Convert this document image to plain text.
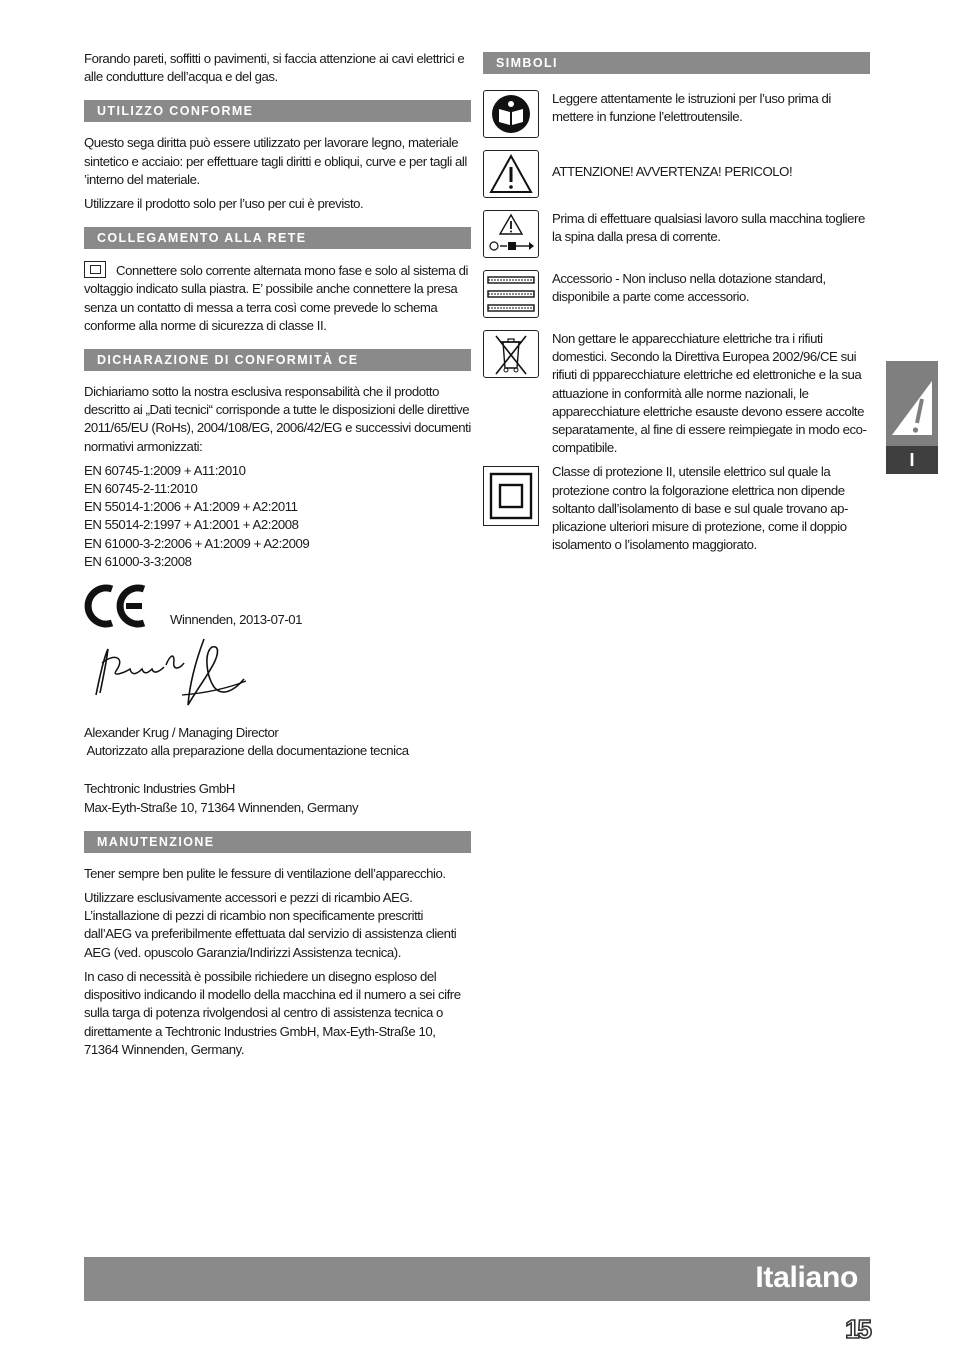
Forando pareti, soffitti o pavimenti, si faccia attenzione ai cavi elettrici e alle condutture dell’acqua e del gas.

UTILIZZO CONFORME

Questo sega diritta può essere utilizzato per lavorare legno, materiale sintetico e acciaio: per effettuare tagli diritti e obliqui, curve e per tagli all ’interno del materiale.

Utilizzare il prodotto solo per l’uso per cui è previsto.

COLLEGAMENTO ALLA RETE

Connettere solo corrente alternata mono fase e solo al sistema di voltaggio indicato sulla piastra. E’ possibile anche connettere la presa senza un contatto di messa a terra così come prevede lo schema conforme alla norme di sicurezza di classe II.

DICHARAZIONE DI CONFORMITÀ CE

Dichiariamo sotto la nostra esclusiva responsabilità che il prodotto descritto ai „Dati tecnici“ corrisponde a tutte le disposizioni delle direttive 2011/65/EU (RoHs), 2004/108/EG, 2006/42/EG e successivi documenti normativi armonizzati:

EN 60745-1:2009 + A11:2010

EN 60745-2-11:2010

EN 55014-1:2006 + A1:2009 + A2:2011

EN 55014-2:1997 + A1:2001 + A2:2008

EN 61000-3-2:2006 + A1:2009 + A2:2009

EN 61000-3-3:2008

Winnenden, 2013-07-01

Alexander Krug / Managing Director

Autorizzato alla preparazione della documentazione tecnica

Techtronic Industries GmbH

Max-Eyth-Straße 10, 71364 Winnenden, Germany

MANUTENZIONE

Tener sempre ben pulite le fessure di ventilazione dell’apparecchio.

Utilizzare esclusivamente accessori e pezzi di ricambio AEG. L’installazione di pezzi di ricambio non specificamente prescritti dall’AEG va preferibilmente effettuata dal servizio di assistenza clienti AEG (ved. opuscolo Garanzia/Indirizzi Assistenza tecnica).

In caso di necessità è possibile richiedere un disegno esploso del dispositivo indicando il modello della macchina ed il numero a sei cifre sulla targa di potenza rivolgendosi al centro di assistenza tecnica o direttamente a Techtronic Industries GmbH, Max-Eyth-Straße 10, 71364 Winnenden, Germany.

SIMBOLI

Leggere attentamente le istruzioni per l’uso prima di mettere in funzione l’elettroutensile.

ATTENZIONE! AVVERTENZA! PERICOLO!

Prima di effettuare qualsiasi lavoro sulla macchina togliere la spina dalla presa di corrente.

Accessorio - Non incluso nella dotazione standard, disponibile a parte come accessorio.

Non gettare le apparecchiature elettriche tra i rifiuti domestici. Secondo la Direttiva Europea 2002/96/CE sui rifiuti di ppparecchiature elettriche ed elettroniche e la sua attuazione in conformità alle norme nazionali, le apparecchiature elettriche esauste devono essere accolte separatamente, al fine di essere reimpiegate in modo eco-compatibile.

Classe di protezione II, utensile elettrico sul quale la protezione contro la folgorazione elettrica non dipende soltanto dall’isolamento di base e sul quale trovano ap-plicazione ulteriori misure di protezione, come il doppio isolamento o l’isolamento maggiorato.

I
Italiano
15
